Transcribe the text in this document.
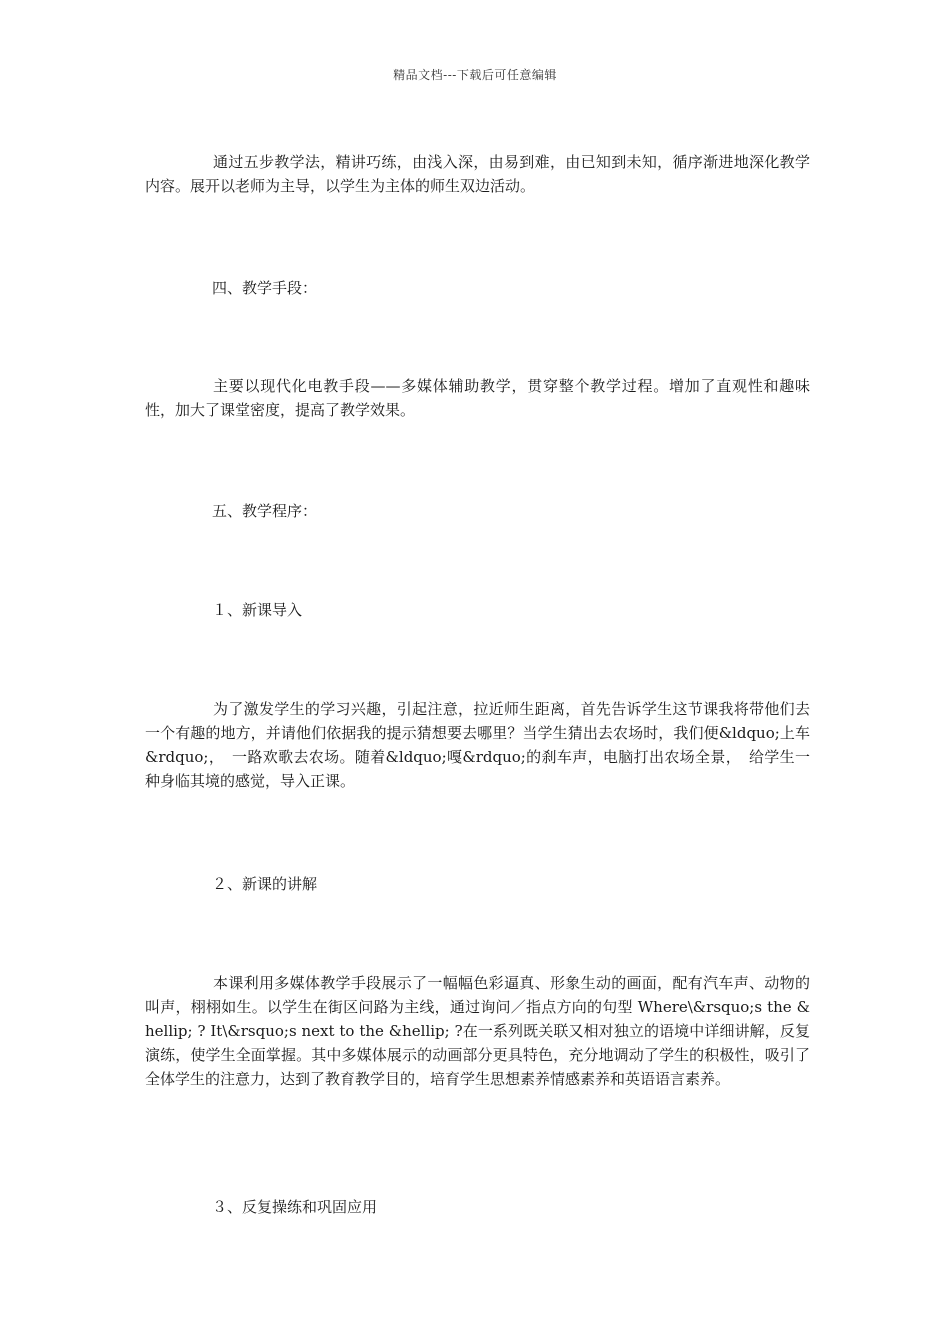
精品文档---下载后可任意编辑
通过五步教学法，精讲巧练，由浅入深，由易到难，由已知到未知，循序渐进地深化教学内容。展开以老师为主导，以学生为主体的师生双边活动。
四、教学手段：
主要以现代化电教手段——多媒体辅助教学，贯穿整个教学过程。增加了直观性和趣味性，加大了课堂密度，提高了教学效果。
五、教学程序：
１、新课导入
为了激发学生的学习兴趣，引起注意，拉近师生距离，首先告诉学生这节课我将带他们去一个有趣的地方，并请他们依据我的提示猜想要去哪里？当学生猜出去农场时，我们便&ldquo;上车&rdquo;，　一路欢歌去农场。随着&ldquo;嘎&rdquo;的刹车声，电脑打出农场全景，　给学生一种身临其境的感觉，导入正课。
２、新课的讲解
本课利用多媒体教学手段展示了一幅幅色彩逼真、形象生动的画面，配有汽车声、动物的叫声，栩栩如生。以学生在街区问路为主线，通过询问／指点方向的句型 Where\&rsquo;s the &hellip; ? It\&rsquo;s next to the &hellip; ?在一系列既关联又相对独立的语境中详细讲解，反复演练，使学生全面掌握。其中多媒体展示的动画部分更具特色，充分地调动了学生的积极性，吸引了全体学生的注意力，达到了教育教学目的，培育学生思想素养情感素养和英语语言素养。
３、反复操练和巩固应用
